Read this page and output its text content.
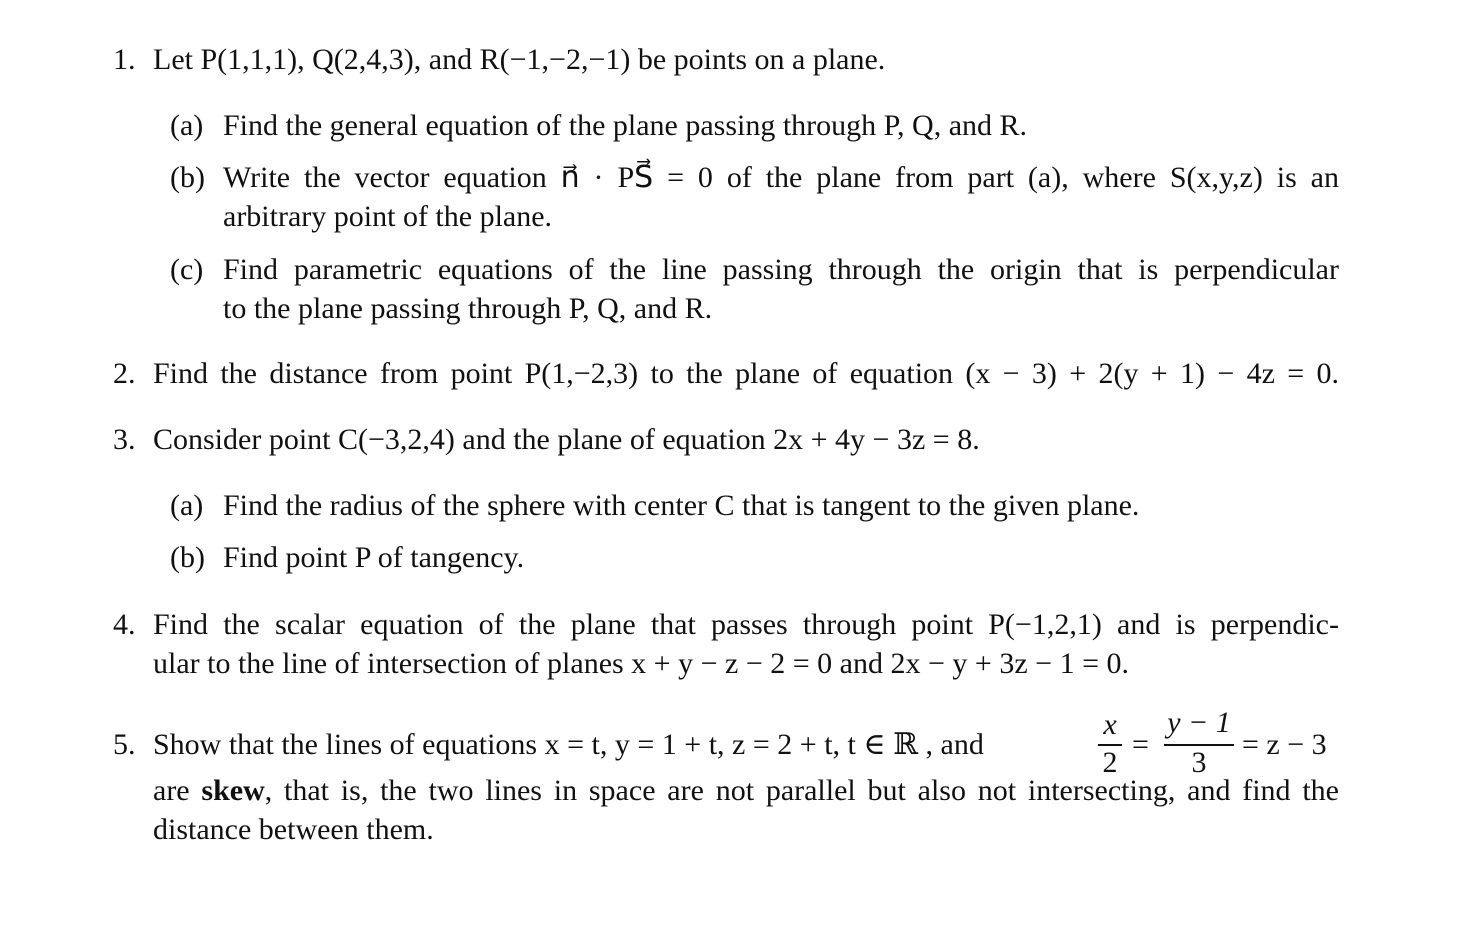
1. Let P(1,1,1), Q(2,4,3), and R(−1,−2,−1) be points on a plane.
(a) Find the general equation of the plane passing through P, Q, and R.
(b) Write the vector equation n⃗ · PS⃗ = 0 of the plane from part (a), where S(x,y,z) is an
arbitrary point of the plane.
(c) Find parametric equations of the line passing through the origin that is perpendicular
to the plane passing through P, Q, and R.
2. Find the distance from point P(1,−2,3) to the plane of equation (x − 3) + 2(y + 1) − 4z = 0.
3. Consider point C(−3,2,4) and the plane of equation 2x + 4y − 3z = 8.
(a) Find the radius of the sphere with center C that is tangent to the given plane.
(b) Find point P of tangency.
4. Find the scalar equation of the plane that passes through point P(−1,2,1) and is perpendic-
ular to the line of intersection of planes x + y − z − 2 = 0 and 2x − y + 3z − 1 = 0.
5. Show that the lines of equations x = t, y = 1 + t, z = 2 + t, t ∈ ℝ , and
x
2
=
y − 1
3
= z − 3
are skew, that is, the two lines in space are not parallel but also not intersecting, and find the
distance between them.
